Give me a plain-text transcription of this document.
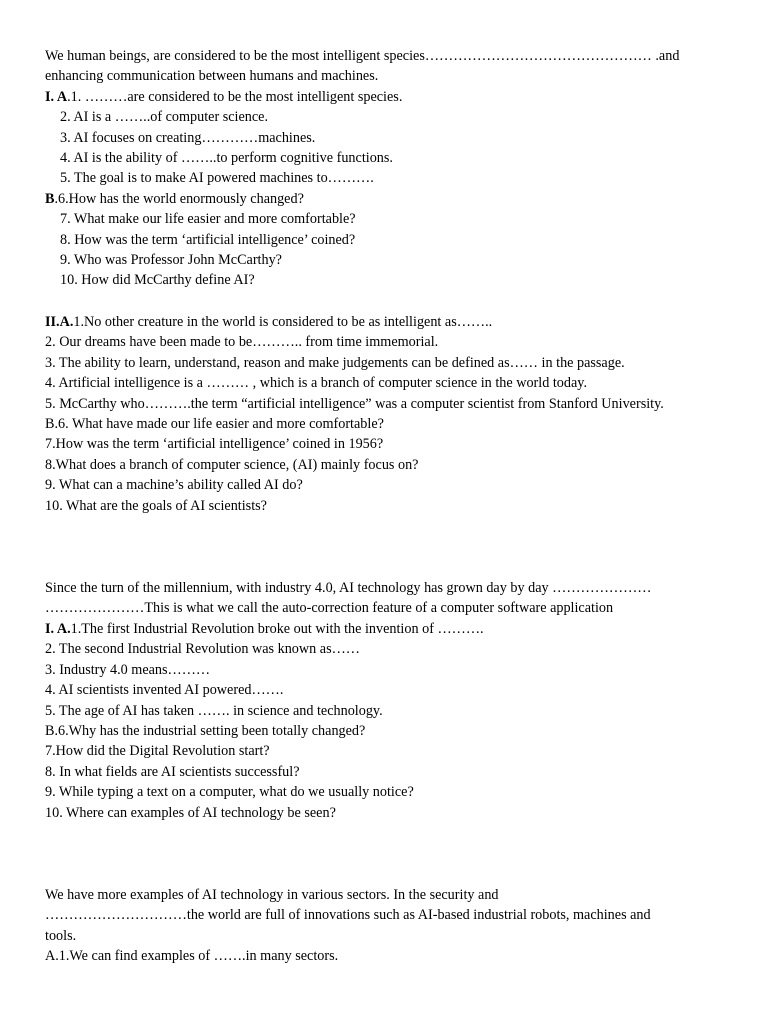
We human beings, are considered to be the most intelligent species………………………………………… .and
enhancing communication between humans and machines.
I. A.1. ………are considered to be the most intelligent species.
2. AI is a ……..of computer science.
3. AI focuses on creating…………machines.
4. AI is the ability of ……..to perform cognitive functions.
5. The goal is to make AI powered machines to……….
B.6.How has the world enormously changed?
7. What make our life easier and more comfortable?
8. How was the term ‘artificial intelligence’ coined?
9. Who was Professor John McCarthy?
10. How did McCarthy define AI?
II.A.1.No other creature in the world is considered to be as intelligent as……..
2. Our dreams have been made to be……….. from time immemorial.
3. The ability to learn, understand, reason and make judgements can be defined as…… in the passage.
4. Artificial intelligence is a ……… , which is a branch of computer science in the world today.
5. McCarthy who……….the term “artificial intelligence” was a computer scientist from Stanford University.
B.6. What have made our life easier and more comfortable?
7.How was the term ‘artificial intelligence’ coined in 1956?
8.What does a branch of computer science, (AI) mainly focus on?
9. What can a machine’s ability called AI do?
10. What are the goals of AI scientists?
Since the turn of the millennium, with industry 4.0, AI technology has grown day by day …………………
…………………This is what we call the auto-correction feature of a computer software application
I. A.1.The first Industrial Revolution broke out with the invention of ……….
2. The second Industrial Revolution was known as……
3. Industry 4.0 means………
4. AI scientists invented AI powered…….
5. The age of AI has taken ……. in science and technology.
B.6.Why has the industrial setting been totally changed?
7.How did the Digital Revolution start?
8. In what fields are AI scientists successful?
9. While typing a text on a computer, what do we usually notice?
10. Where can examples of AI technology be seen?
We have more examples of AI technology in various sectors. In the security and
…………………………the world are full of innovations such as AI-based industrial robots, machines and
tools.
A.1.We can find examples of …….in many sectors.
